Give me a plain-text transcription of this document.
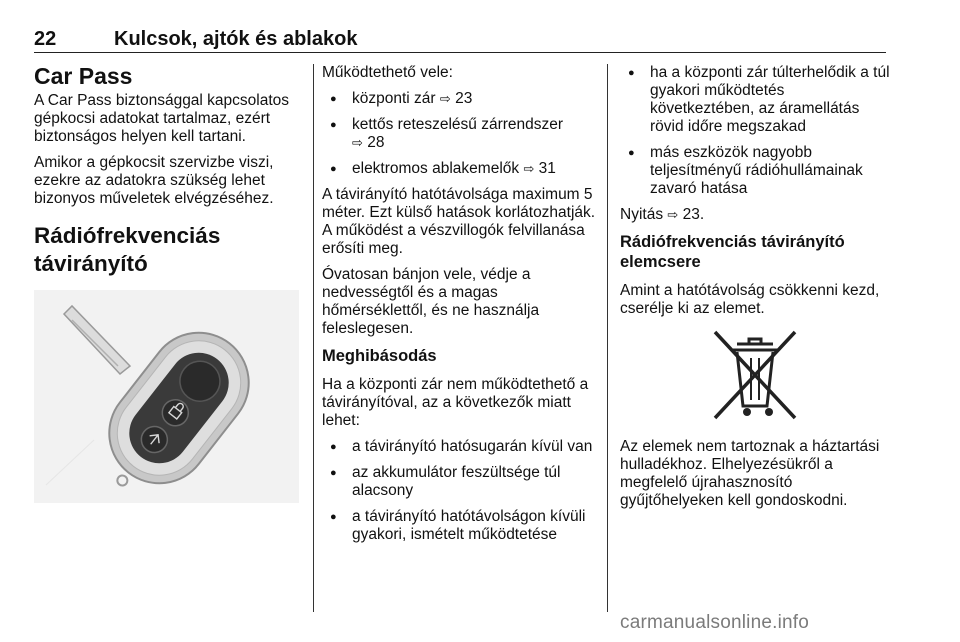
22	Kulcsok, ajtók és ablakok
Car Pass

A Car Pass biztonsággal kapcsolatos gépkocsi adatokat tartalmaz, ezért biztonságos helyen kell tartani.

Amikor a gépkocsit szervizbe viszi, ezekre az adatokra szükség lehet bizonyos műveletek elvégzéséhez.

Rádiófrekvenciás
távirányító

Működtethető vele:

● központi zár ⇨ 23
● kettős reteszelésű zárrendszer
⇨ 28
● elektromos ablakemelők ⇨ 31

A távirányító hatótávolsága maximum 5 méter. Ezt külső hatások korlátozhatják. A működést a vészvillogók felvillanása erősíti meg.

Óvatosan bánjon vele, védje a nedvességtől és a magas hőmérséklettől, és ne használja feleslegesen.

Meghibásodás

Ha a központi zár nem működtethető a távirányítóval, az a következők miatt lehet:

● a távirányító hatósugarán kívül van
● az akkumulátor feszültsége túl alacsony
● a távirányító hatótávolságon kívüli gyakori, ismételt működtetése
● ha a központi zár túlterhelődik a túl gyakori működtetés következtében, az áramellátás rövid időre megszakad
● más eszközök nagyobb teljesítményű rádióhullámainak zavaró hatása

Nyitás ⇨ 23.

Rádiófrekvenciás távirányító elemcsere

Amint a hatótávolság csökkenni kezd, cserélje ki az elemet.

Az elemek nem tartoznak a háztartási hulladékhoz. Elhelyezésükről a megfelelő újrahasznosító gyűjtőhelyeken kell gondoskodni.

carmanualsonline.info
